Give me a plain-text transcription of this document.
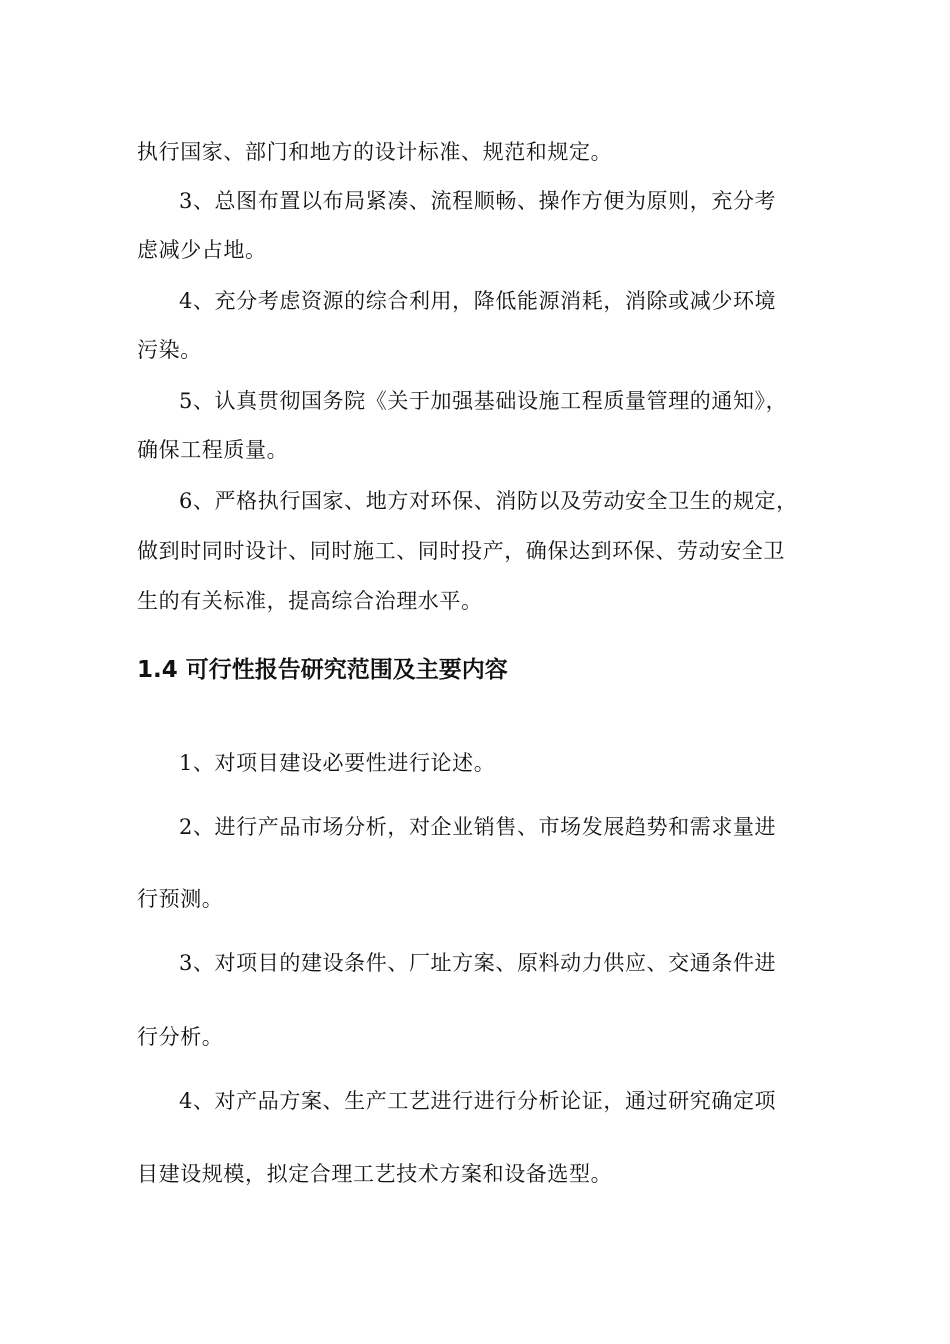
执行国家、部门和地方的设计标准、规范和规定。
3、总图布置以布局紧凑、流程顺畅、操作方便为原则，充分考
虑减少占地。
4、充分考虑资源的综合利用，降低能源消耗，消除或减少环境
污染。
5、认真贯彻国务院《关于加强基础设施工程质量管理的通知》，
确保工程质量。
6、严格执行国家、地方对环保、消防以及劳动安全卫生的规定，
做到时同时设计、同时施工、同时投产，确保达到环保、劳动安全卫
生的有关标准，提高综合治理水平。
1.4 可行性报告研究范围及主要内容
1、对项目建设必要性进行论述。
2、进行产品市场分析，对企业销售、市场发展趋势和需求量进
行预测。
3、对项目的建设条件、厂址方案、原料动力供应、交通条件进
行分析。
4、对产品方案、生产工艺进行进行分析论证，通过研究确定项
目建设规模，拟定合理工艺技术方案和设备选型。
